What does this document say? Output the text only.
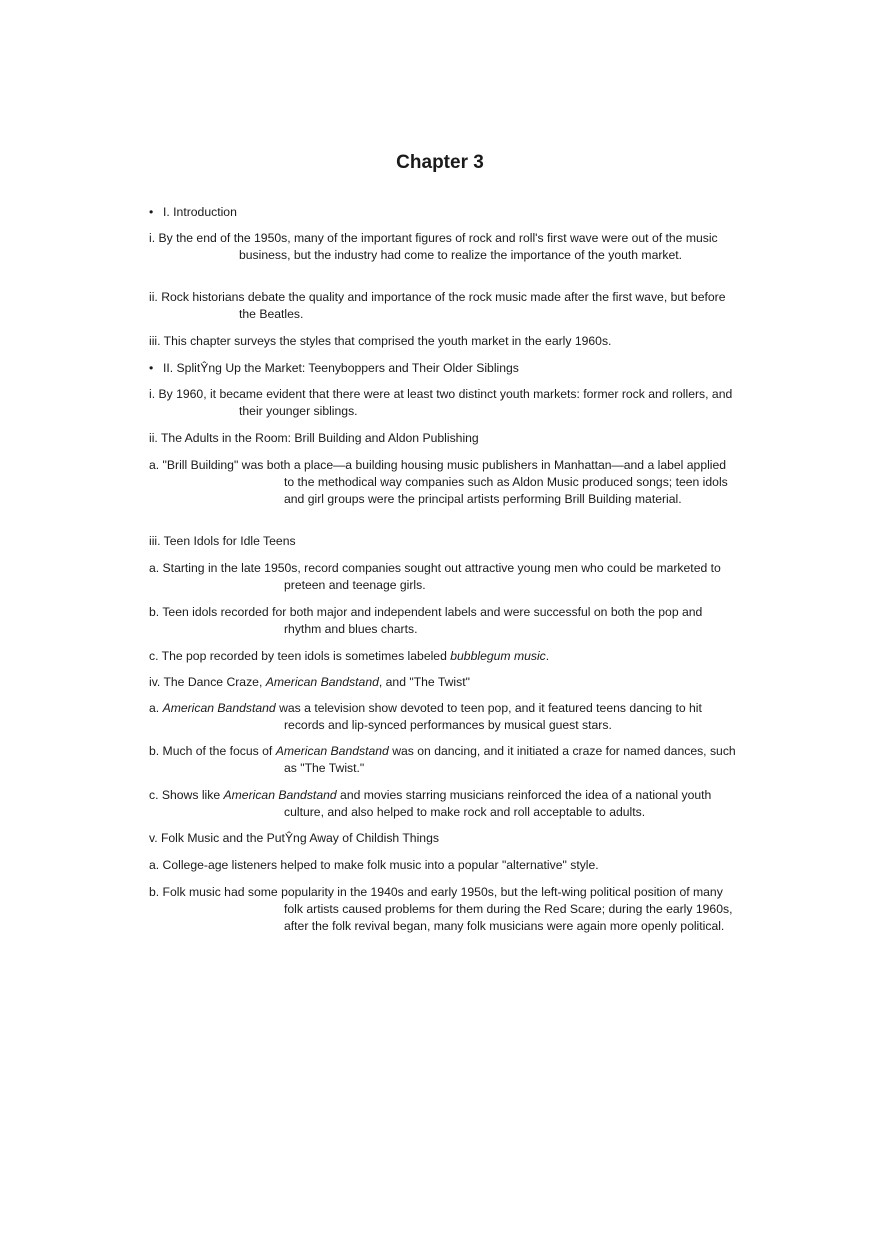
Chapter 3

• I. Introduction

i. By the end of the 1950s, many of the important figures of rock and roll's first wave were out of the music business, but the industry had come to realize the importance of the youth market.

ii. Rock historians debate the quality and importance of the rock music made after the first wave, but before the Beatles.

iii. This chapter surveys the styles that comprised the youth market in the early 1960s.

• II. SplitŶng Up the Market: Teenyboppers and Their Older Siblings

i. By 1960, it became evident that there were at least two distinct youth markets: former rock and rollers, and their younger siblings.

ii. The Adults in the Room: Brill Building and Aldon Publishing

a. "Brill Building" was both a place—a building housing music publishers in Manhattan—and a label applied to the methodical way companies such as Aldon Music produced songs; teen idols and girl groups were the principal artists performing Brill Building material.

iii. Teen Idols for Idle Teens

a. Starting in the late 1950s, record companies sought out attractive young men who could be marketed to preteen and teenage girls.

b. Teen idols recorded for both major and independent labels and were successful on both the pop and rhythm and blues charts.

c. The pop recorded by teen idols is sometimes labeled bubblegum music.

iv. The Dance Craze, American Bandstand, and "The Twist"

a. American Bandstand was a television show devoted to teen pop, and it featured teens dancing to hit records and lip-synced performances by musical guest stars.

b. Much of the focus of American Bandstand was on dancing, and it initiated a craze for named dances, such as "The Twist."

c. Shows like American Bandstand and movies starring musicians reinforced the idea of a national youth culture, and also helped to make rock and roll acceptable to adults.

v. Folk Music and the PutŶng Away of Childish Things

a. College-age listeners helped to make folk music into a popular "alternative" style.

b. Folk music had some popularity in the 1940s and early 1950s, but the left-wing political position of many folk artists caused problems for them during the Red Scare; during the early 1960s, after the folk revival began, many folk musicians were again more openly political.
